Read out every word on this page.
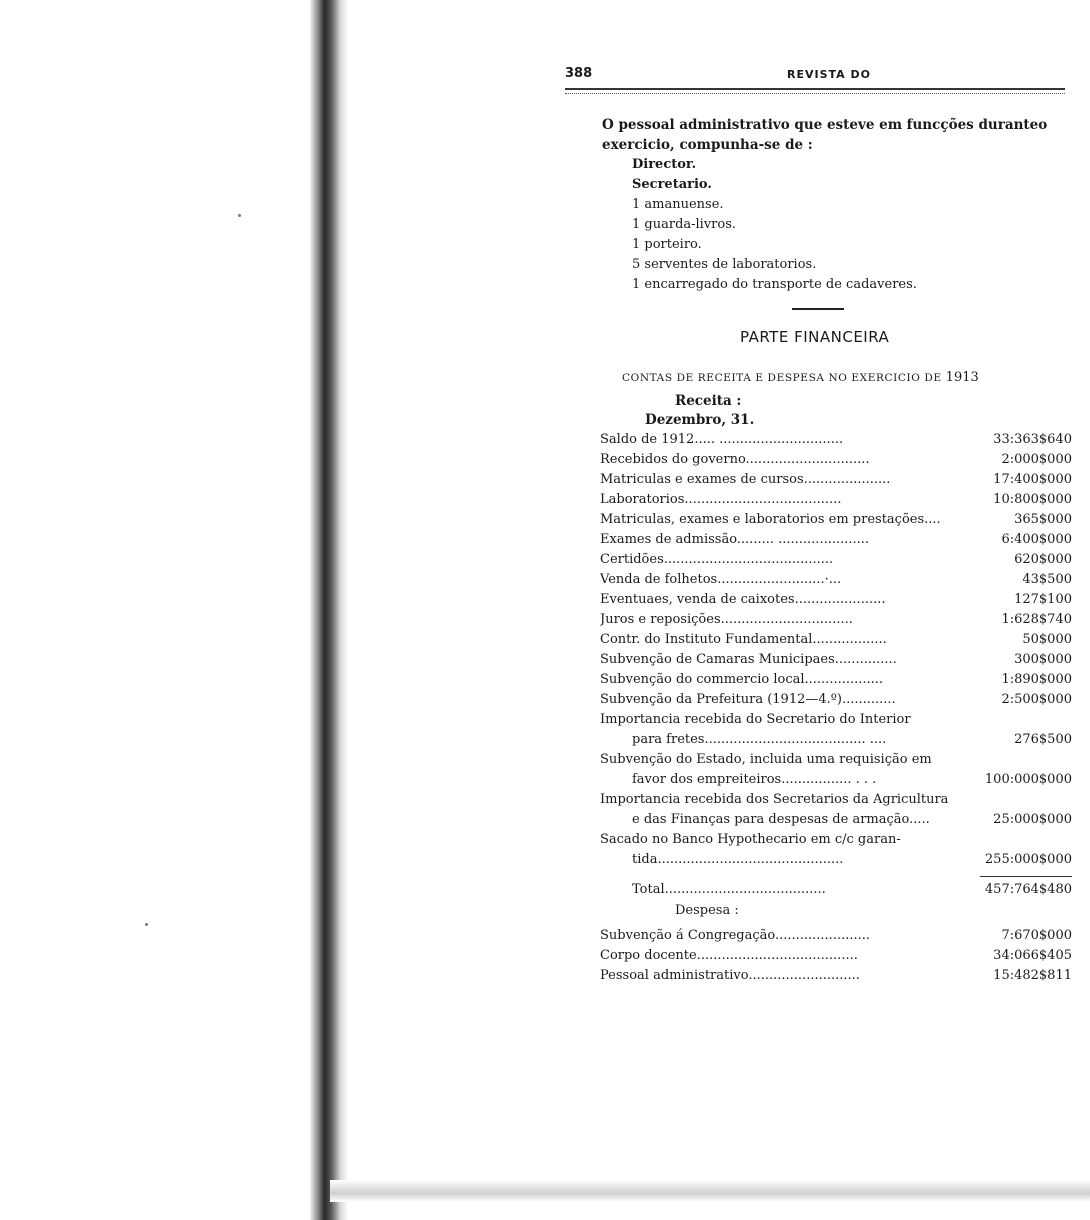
388	REVISTA DO
O pessoal administrativo que esteve em funcções duranteo
exercicio, compunha-se de :
Director.
Secretario.
1 amanuense.
1 guarda-livros.
1 porteiro.
5 serventes de laboratorios.
1 encarregado do transporte de cadaveres.
PARTE FINANCEIRA
CONTAS DE RECEITA E DESPESA NO EXERCICIO DE 1913
Receita :
Dezembro, 31.
Saldo de 1912..... ..............................	33:363$640
Recebidos do governo..............................	2:000$000
Matriculas e exames de cursos.....................	17:400$000
Laboratorios......................................	10:800$000
Matriculas, exames e laboratorios em prestações....	365$000
Exames de admissão......... ......................	6:400$000
Certidões.........................................	620$000
Venda de folhetos..........................·...	43$500
Eventuaes, venda de caixotes......................	127$100
Juros e reposições................................	1:628$740
Contr. do Instituto Fundamental..................	50$000
Subvenção de Camaras Municipaes...............	300$000
Subvenção do commercio local...................	1:890$000
Subvenção da Prefeitura (1912—4.º).............	2:500$000
Importancia recebida do Secretario do Interior
para fretes....................................... ....	276$500
Subvenção do Estado, incluida uma requisição em
favor dos empreiteiros................. . . .	100:000$000
Importancia recebida dos Secretarios da Agricultura
e das Finanças para despesas de armação.....	25:000$000
Sacado no Banco Hypothecario em c/c garan-
tida.............................................	255:000$000
Total.......................................	457:764$480
Despesa :
Subvenção á Congregação.......................	7:670$000
Corpo docente.......................................	34:066$405
Pessoal administrativo...........................	15:482$811
